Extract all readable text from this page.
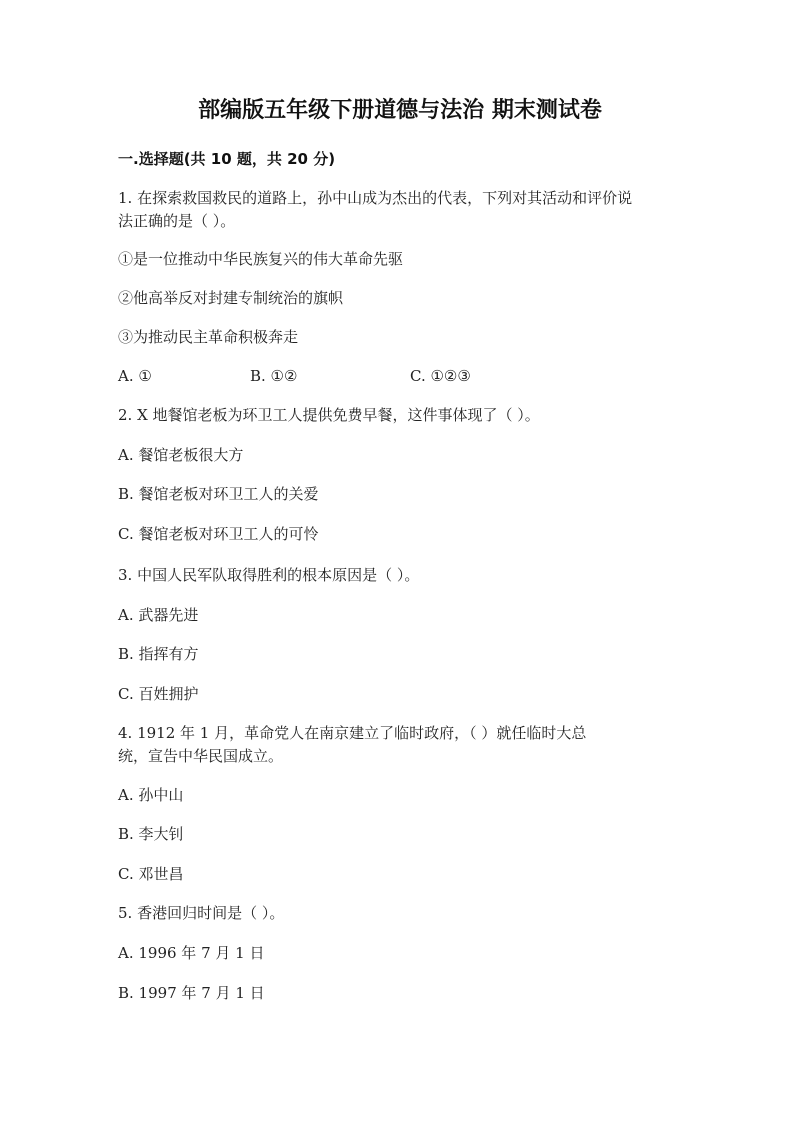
部编版五年级下册道德与法治 期末测试卷
一.选择题(共 10 题，共 20 分)
1. 在探索救国救民的道路上，孙中山成为杰出的代表，下列对其活动和评价说
法正确的是（ ）。
①是一位推动中华民族复兴的伟大革命先驱
②他高举反对封建专制统治的旗帜
③为推动民主革命积极奔走
A. ①	B. ①②	C. ①②③
2. X 地餐馆老板为环卫工人提供免费早餐，这件事体现了（ ）。
A. 餐馆老板很大方
B. 餐馆老板对环卫工人的关爱
C. 餐馆老板对环卫工人的可怜
3. 中国人民军队取得胜利的根本原因是（ ）。
A. 武器先进
B. 指挥有方
C. 百姓拥护
4. 1912 年 1 月，革命党人在南京建立了临时政府，（ ）就任临时大总
统，宣告中华民国成立。
A. 孙中山
B. 李大钊
C. 邓世昌
5. 香港回归时间是（ ）。
A. 1996 年 7 月 1 日
B. 1997 年 7 月 1 日
